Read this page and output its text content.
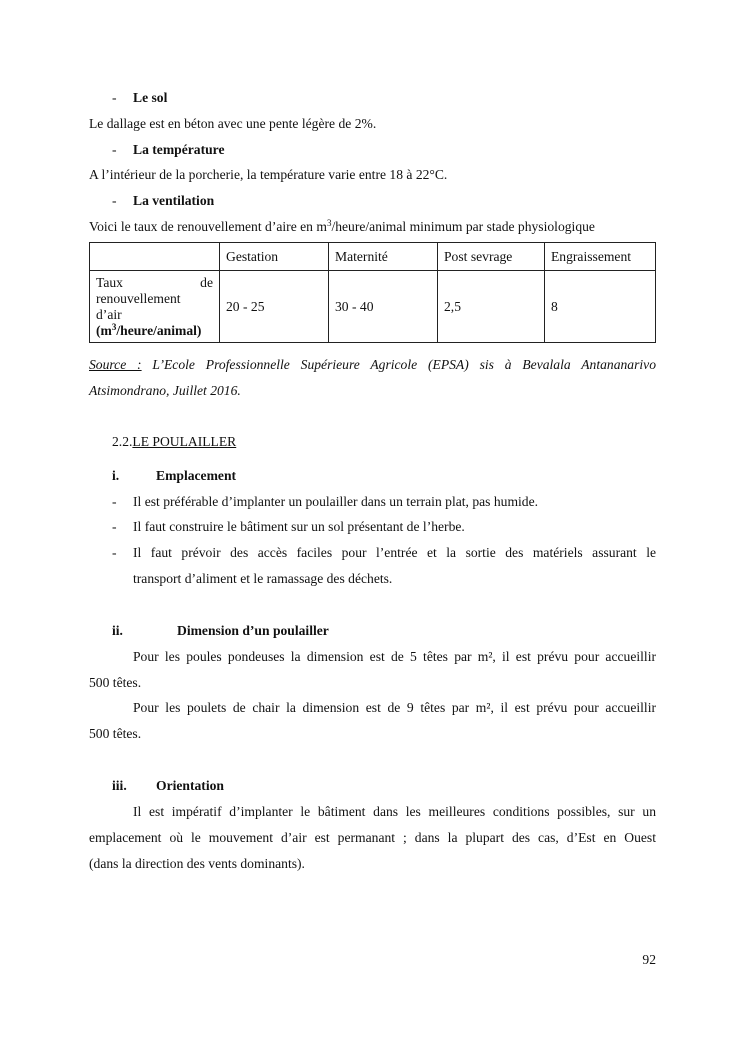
- Le sol
Le dallage est en béton avec une pente légère de 2%.
- La température
A l’intérieur de la porcherie, la température varie entre 18 à 22°C.
- La ventilation
Voici le taux de renouvellement d’aire en $m^3/heure$/animal minimum par stade physiologique
	Gestation	Maternité	Post sevrage	Engraissement

Taux de
renouvellement
d’air
$(m^3/heure/animal)$	20 - 25	30 - 40	2,5	8
Source : L’Ecole Professionnelle Supérieure Agricole (EPSA) sis à Bevalala Antananarivo
Atsimondrano, Juillet 2016.
2.2.LE POULAILLER
i.	Emplacement
- Il est préférable d’implanter un poulailler dans un terrain plat, pas humide.
- Il faut construire le bâtiment sur un sol présentant de l’herbe.
- Il faut prévoir des accès faciles pour l’entrée et la sortie des matériels assurant le
transport d’aliment et le ramassage des déchets.
ii.	Dimension d’un poulailler
Pour les poules pondeuses la dimension est de 5 têtes par m², il est prévu pour accueillir
500 têtes.
Pour les poulets de chair la dimension est de 9 têtes par m², il est prévu pour accueillir
500 têtes.
iii. Orientation
Il est impératif d’implanter le bâtiment dans les meilleures conditions possibles, sur un
emplacement où le mouvement d’air est permanant ; dans la plupart des cas, d’Est en Ouest
(dans la direction des vents dominants).
92
